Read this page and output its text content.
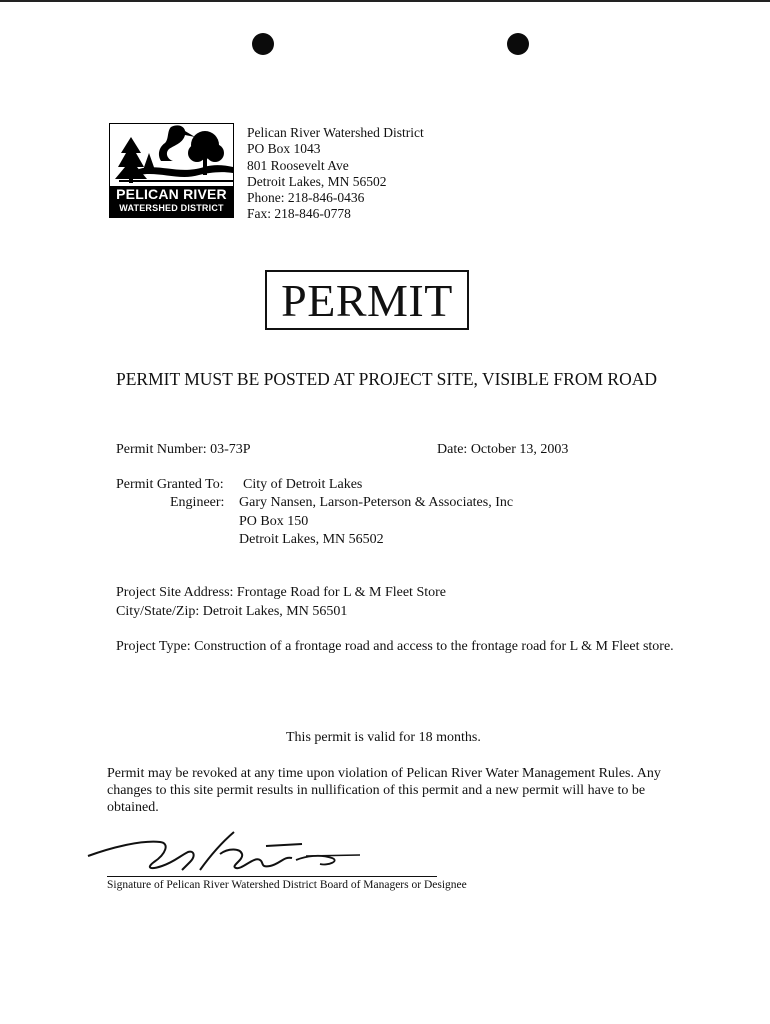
PELICAN RIVER
WATERSHED DISTRICT
Pelican River Watershed District
PO Box 1043
801 Roosevelt Ave
Detroit Lakes, MN 56502
Phone: 218-846-0436
Fax: 218-846-0778
PERMIT
PERMIT MUST BE POSTED AT PROJECT SITE, VISIBLE FROM ROAD
Permit Number: 03-73P	Date: October 13, 2003
Permit Granted To: City of Detroit Lakes
Engineer: Gary Nansen, Larson-Peterson & Associates, Inc
PO Box 150
Detroit Lakes, MN 56502
Project Site Address: Frontage Road for L & M Fleet Store
City/State/Zip: Detroit Lakes, MN 56501
Project Type: Construction of a frontage road and access to the frontage road for L & M Fleet store.
This permit is valid for 18 months.
Permit may be revoked at any time upon violation of Pelican River Water Management Rules. Any changes to this site permit results in nullification of this permit and a new permit will have to be obtained.
Signature of Pelican River Watershed District Board of Managers or Designee
